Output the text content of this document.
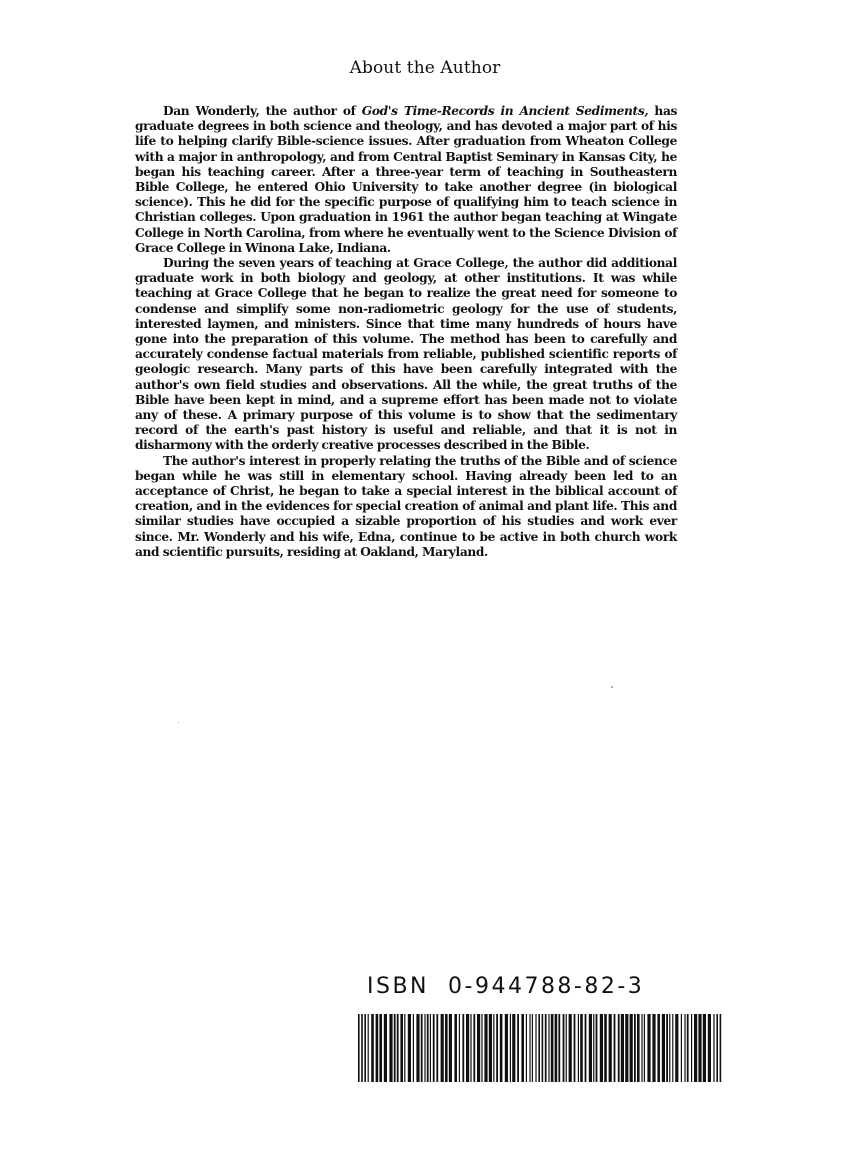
About the Author

Dan Wonderly, the author of God's Time-Records in Ancient Sediments, has graduate degrees in both science and theology, and has devoted a major part of his life to helping clarify Bible-science issues. After graduation from Wheaton College with a major in anthropology, and from Central Baptist Seminary in Kansas City, he began his teaching career. After a three-year term of teaching in Southeastern Bible College, he entered Ohio University to take another degree (in biological science). This he did for the specific purpose of qualifying him to teach science in Christian colleges. Upon graduation in 1961 the author began teaching at Wingate College in North Carolina, from where he eventually went to the Science Division of Grace College in Winona Lake, Indiana.

During the seven years of teaching at Grace College, the author did additional graduate work in both biology and geology, at other institutions. It was while teaching at Grace College that he began to realize the great need for someone to condense and simplify some non-radiometric geology for the use of students, interested laymen, and ministers. Since that time many hundreds of hours have gone into the preparation of this volume. The method has been to carefully and accurately condense factual materials from reliable, published scientific reports of geologic research. Many parts of this have been carefully integrated with the author's own field studies and observations. All the while, the great truths of the Bible have been kept in mind, and a supreme effort has been made not to violate any of these. A primary purpose of this volume is to show that the sedimentary record of the earth's past history is useful and reliable, and that it is not in disharmony with the orderly creative processes described in the Bible.

The author's interest in properly relating the truths of the Bible and of science began while he was still in elementary school. Having already been led to an acceptance of Christ, he began to take a special interest in the biblical account of creation, and in the evidences for special creation of animal and plant life. This and similar studies have occupied a sizable proportion of his studies and work ever since. Mr. Wonderly and his wife, Edna, continue to be active in both church work and scientific pursuits, residing at Oakland, Maryland.

ISBN 0-944788-82-3
